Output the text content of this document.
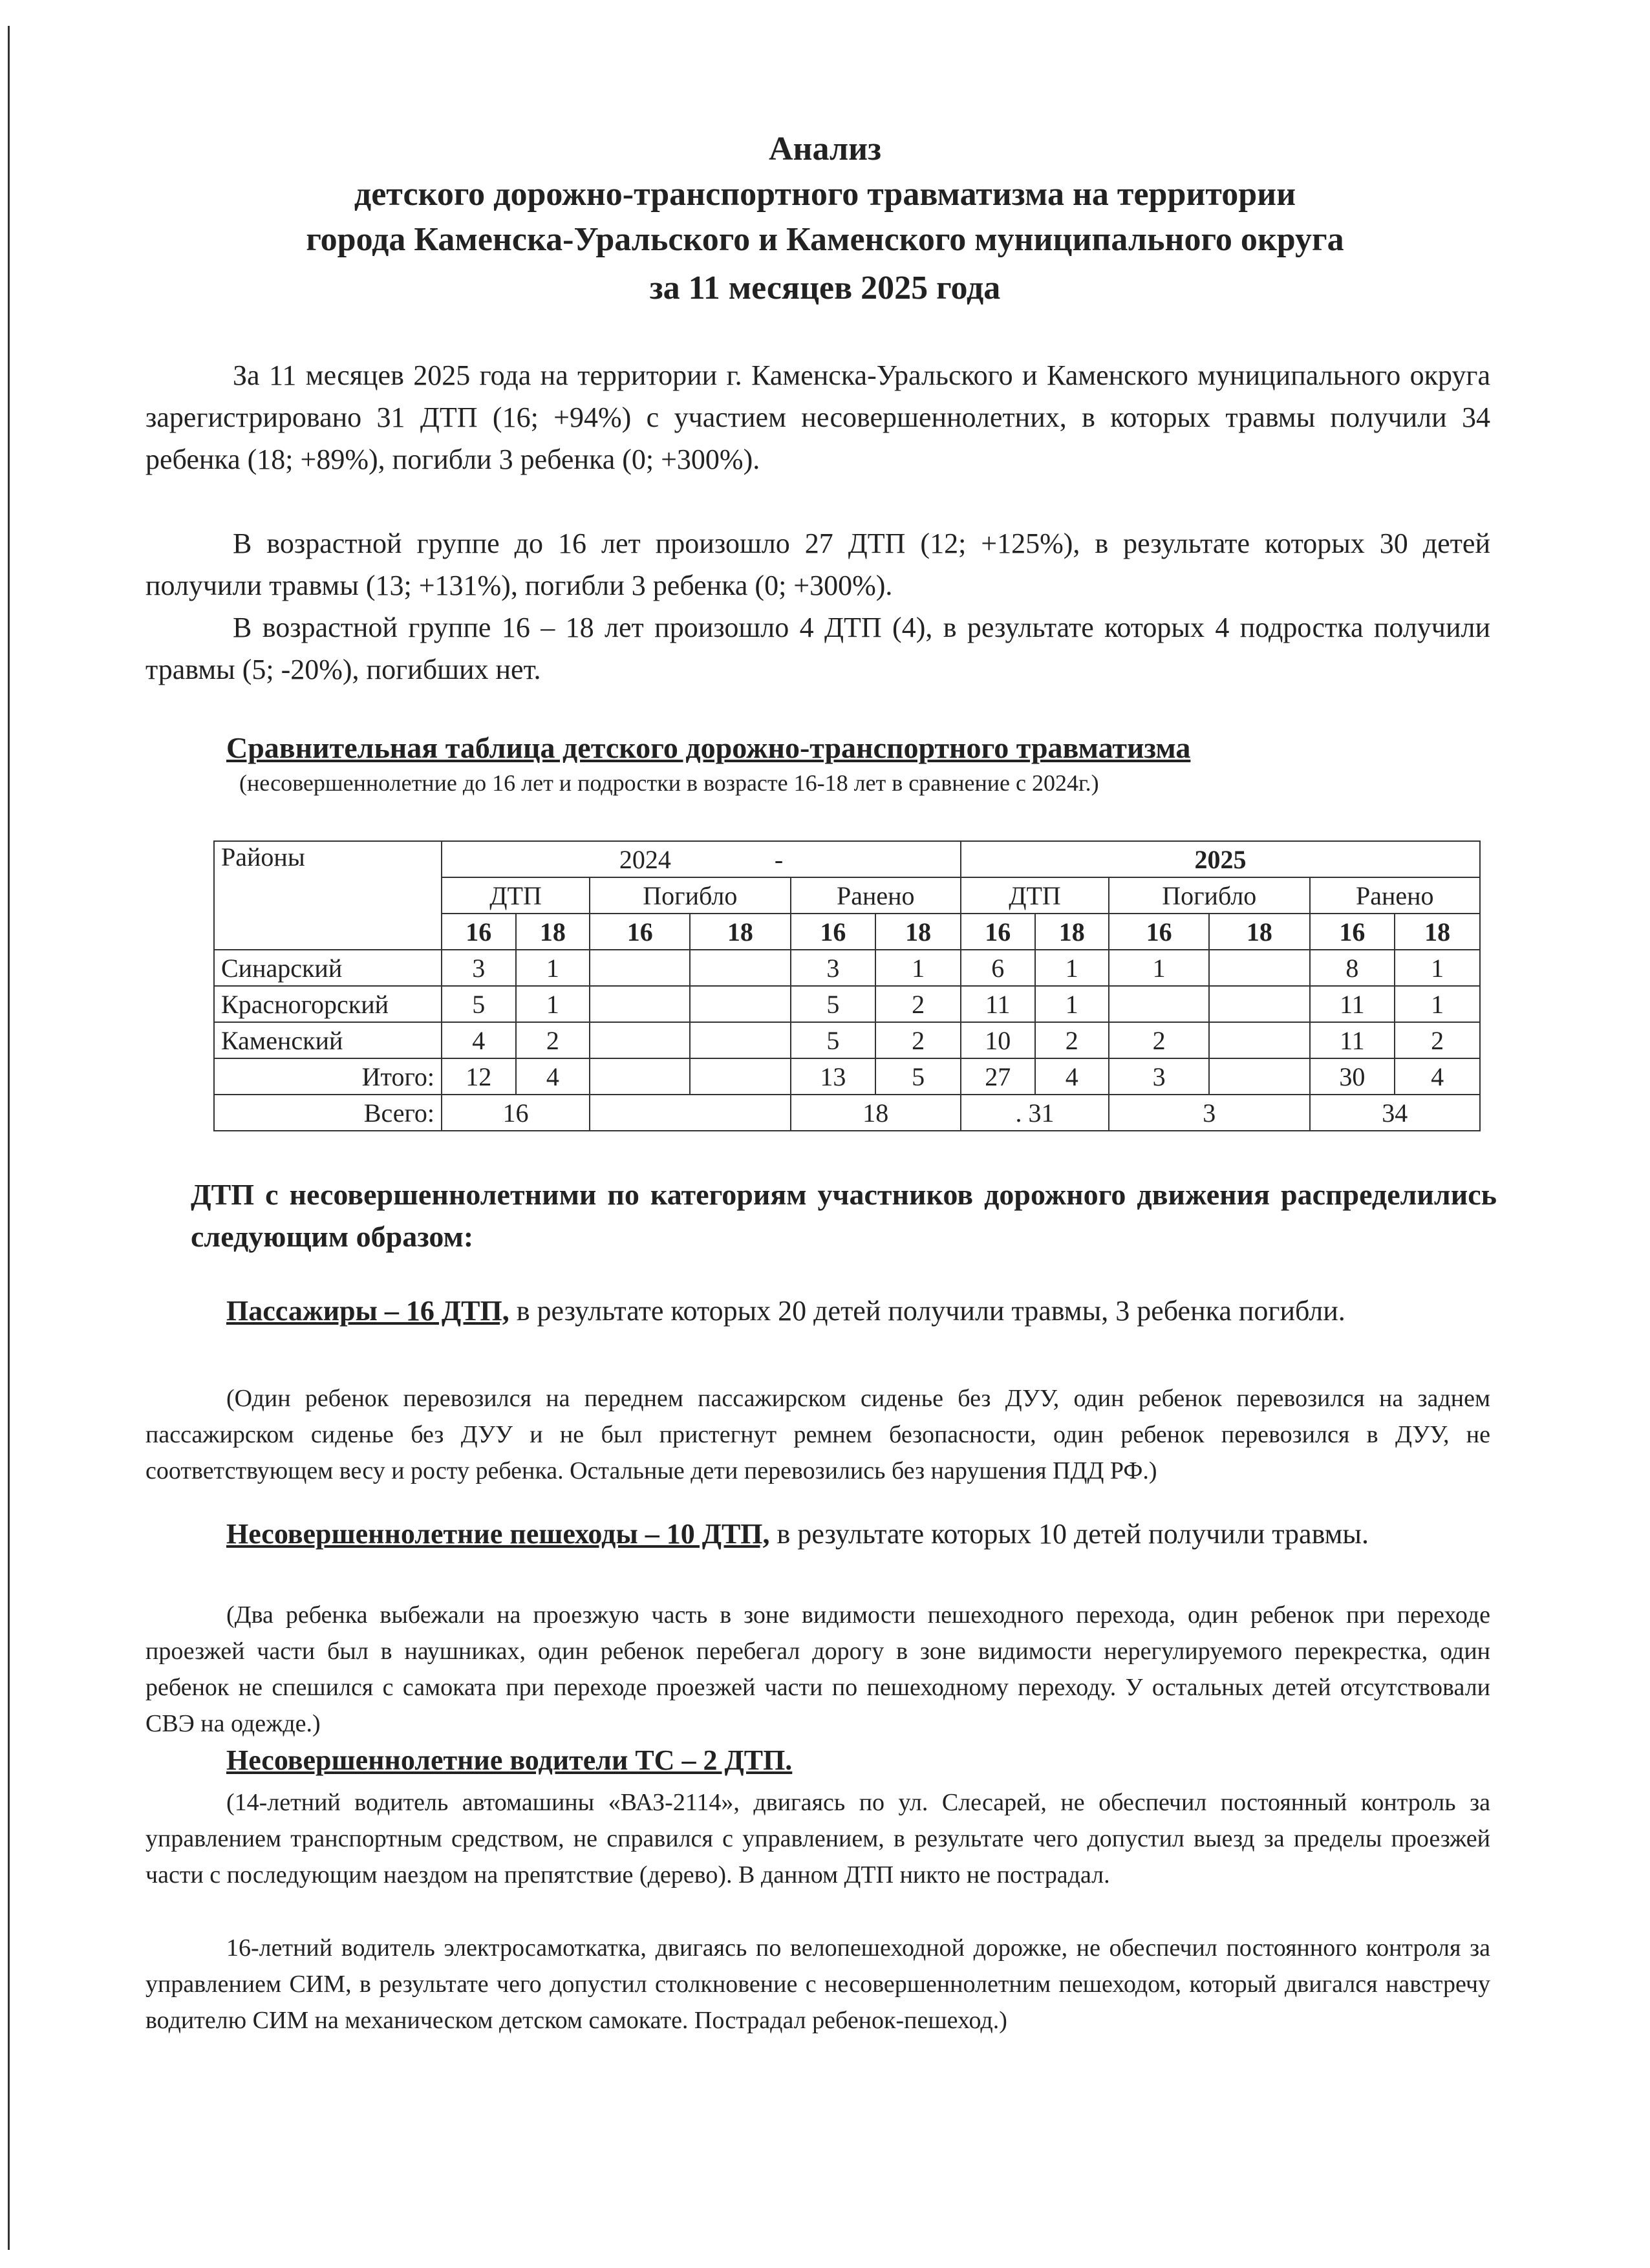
Анализ
детского дорожно-транспортного травматизма на территории
города Каменска-Уральского и Каменского муниципального округа
за 11 месяцев 2025 года

За 11 месяцев 2025 года на территории г. Каменска-Уральского и Каменского муниципального округа зарегистрировано 31 ДТП (16; +94%) с участием несовершеннолетних, в которых травмы получили 34 ребенка (18; +89%), погибли 3 ребенка (0; +300%).

В возрастной группе до 16 лет произошло 27 ДТП (12; +125%), в результате которых 30 детей получили травмы (13; +131%), погибли 3 ребенка (0; +300%).

В возрастной группе 16 – 18 лет произошло 4 ДТП (4), в результате которых 4 подростка получили травмы (5; -20%), погибших нет.

Сравнительная таблица детского дорожно-транспортного травматизма
(несовершеннолетние до 16 лет и подростки в возрасте 16-18 лет в сравнение с 2024г.)
Районы	2024 -						2025					
	ДТП		Погибло		Ранено		ДТП		Погибло		Ранено	
	16	18	16	18	16	18	16	18	16	18	16	18
Синарский	3	1			3	1	6	1	1		8	1
Красногорский	5	1			5	2	11	1			11	1
Каменский	4	2			5	2	10	2	2		11	2
Итого:	12	4			13	5	27	4	3		30	4
Всего:	16				18		. 31		3		34	
ДТП с несовершеннолетними по категориям участников дорожного движения распределились следующим образом:

Пассажиры – 16 ДТП, в результате которых 20 детей получили травмы, 3 ребенка погибли.

(Один ребенок перевозился на переднем пассажирском сиденье без ДУУ, один ребенок перевозился на заднем пассажирском сиденье без ДУУ и не был пристегнут ремнем безопасности, один ребенок перевозился в ДУУ, не соответствующем весу и росту ребенка. Остальные дети перевозились без нарушения ПДД РФ.)

Несовершеннолетние пешеходы – 10 ДТП, в результате которых 10 детей получили травмы.

(Два ребенка выбежали на проезжую часть в зоне видимости пешеходного перехода, один ребенок при переходе проезжей части был в наушниках, один ребенок перебегал дорогу в зоне видимости нерегулируемого перекрестка, один ребенок не спешился с самоката при переходе проезжей части по пешеходному переходу. У остальных детей отсутствовали СВЭ на одежде.)

Несовершеннолетние водители ТС – 2 ДТП.

(14-летний водитель автомашины «ВАЗ-2114», двигаясь по ул. Слесарей, не обеспечил постоянный контроль за управлением транспортным средством, не справился с управлением, в результате чего допустил выезд за пределы проезжей части с последующим наездом на препятствие (дерево). В данном ДТП никто не пострадал.

16-летний водитель электросамоткатка, двигаясь по велопешеходной дорожке, не обеспечил постоянного контроля за управлением СИМ, в результате чего допустил столкновение с несовершеннолетним пешеходом, который двигался навстречу водителю СИМ на механическом детском самокате. Пострадал ребенок-пешеход.)
